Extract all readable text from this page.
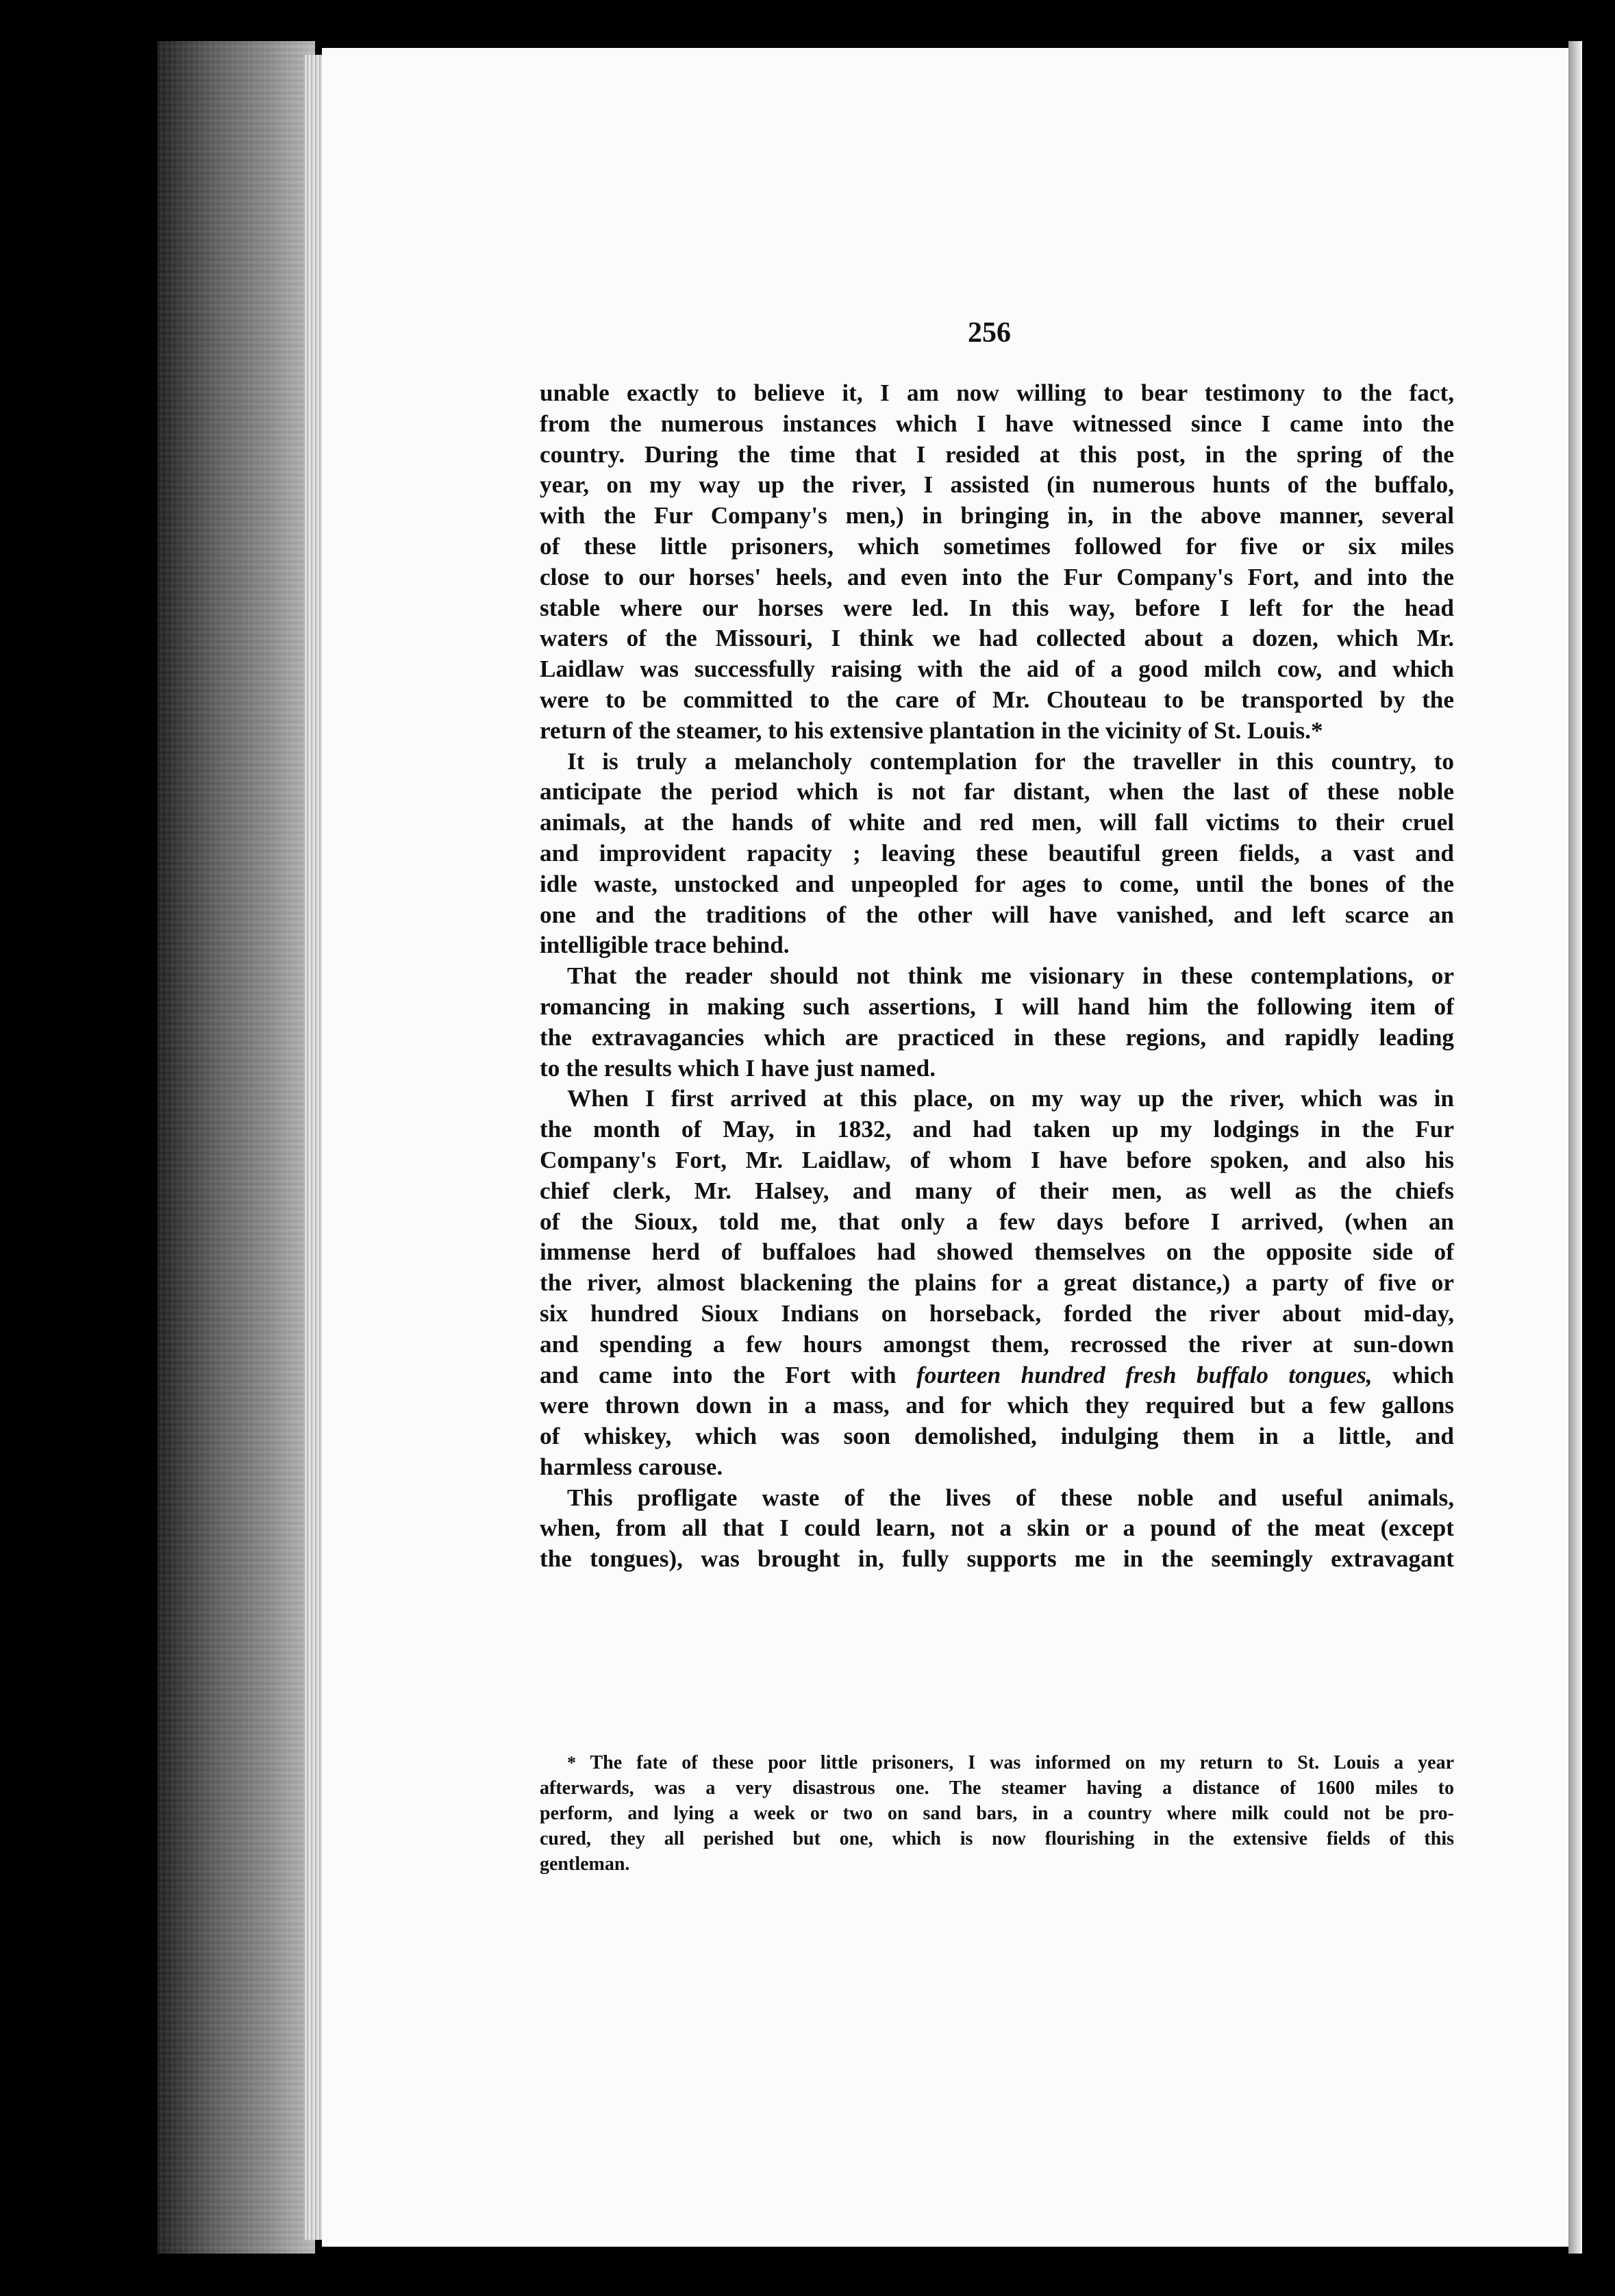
256

unable exactly to believe it, I am now willing to bear testimony to the fact,
from the numerous instances which I have witnessed since I came into the
country. During the time that I resided at this post, in the spring of the
year, on my way up the river, I assisted (in numerous hunts of the buffalo,
with the Fur Company's men,) in bringing in, in the above manner, several
of these little prisoners, which sometimes followed for five or six miles
close to our horses' heels, and even into the Fur Company's Fort, and into the
stable where our horses were led. In this way, before I left for the head
waters of the Missouri, I think we had collected about a dozen, which Mr.
Laidlaw was successfully raising with the aid of a good milch cow, and which
were to be committed to the care of Mr. Chouteau to be transported by the
return of the steamer, to his extensive plantation in the vicinity of St. Louis.*

It is truly a melancholy contemplation for the traveller in this country, to
anticipate the period which is not far distant, when the last of these noble
animals, at the hands of white and red men, will fall victims to their cruel
and improvident rapacity ; leaving these beautiful green fields, a vast and
idle waste, unstocked and unpeopled for ages to come, until the bones of the
one and the traditions of the other will have vanished, and left scarce an
intelligible trace behind.

That the reader should not think me visionary in these contemplations, or
romancing in making such assertions, I will hand him the following item of
the extravagancies which are practiced in these regions, and rapidly leading
to the results which I have just named.

When I first arrived at this place, on my way up the river, which was in
the month of May, in 1832, and had taken up my lodgings in the Fur
Company's Fort, Mr. Laidlaw, of whom I have before spoken, and also his
chief clerk, Mr. Halsey, and many of their men, as well as the chiefs
of the Sioux, told me, that only a few days before I arrived, (when an
immense herd of buffaloes had showed themselves on the opposite side of
the river, almost blackening the plains for a great distance,) a party of five or
six hundred Sioux Indians on horseback, forded the river about mid-day,
and spending a few hours amongst them, recrossed the river at sun-down
and came into the Fort with fourteen hundred fresh buffalo tongues, which
were thrown down in a mass, and for which they required but a few gallons
of whiskey, which was soon demolished, indulging them in a little, and
harmless carouse.

This profligate waste of the lives of these noble and useful animals,
when, from all that I could learn, not a skin or a pound of the meat (except
the tongues), was brought in, fully supports me in the seemingly extravagant

* The fate of these poor little prisoners, I was informed on my return to St. Louis a year
afterwards, was a very disastrous one. The steamer having a distance of 1600 miles to
perform, and lying a week or two on sand bars, in a country where milk could not be pro-
cured, they all perished but one, which is now flourishing in the extensive fields of this
gentleman.
